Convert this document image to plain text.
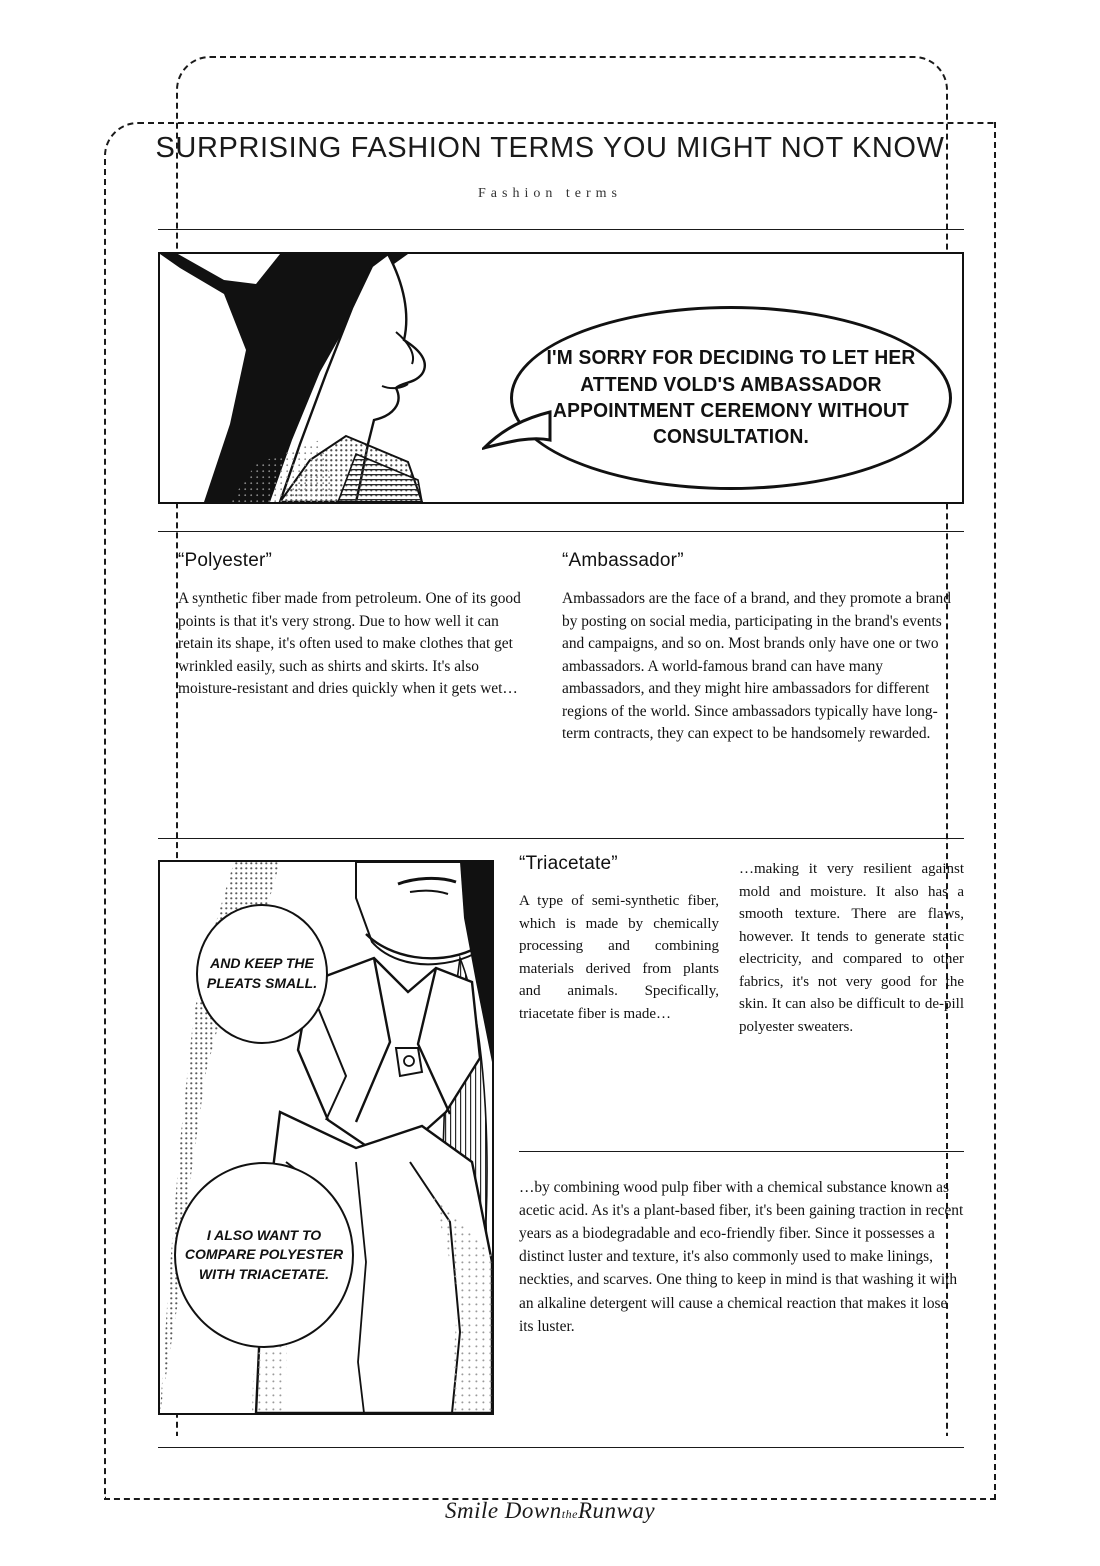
SURPRISING FASHION TERMS YOU MIGHT NOT KNOW
Fashion terms
I'M SORRY FOR DECIDING TO LET HER ATTEND VOLD'S AMBASSADOR APPOINTMENT CEREMONY WITHOUT CONSULTATION.
“Polyester”
A synthetic fiber made from petroleum. One of its good points is that it's very strong. Due to how well it can retain its shape, it's often used to make clothes that get wrinkled easily, such as shirts and skirts. It's also moisture-resistant and dries quickly when it gets wet…
“Ambassador”
Ambassadors are the face of a brand, and they promote a brand by posting on social media, participating in the brand's events and campaigns, and so on. Most brands only have one or two ambassadors. A world-famous brand can have many ambassadors, and they might hire ambassadors for different regions of the world. Since ambassadors typically have long-term contracts, they can expect to be handsomely rewarded.
AND KEEP THE PLEATS SMALL.
I ALSO WANT TO COMPARE POLYESTER WITH TRIACETATE.
“Triacetate”
A type of semi-synthetic fiber, which is made by chemically processing and combining materials derived from plants and animals. Specifically, triacetate fiber is made…
…making it very resilient against mold and moisture. It also has a smooth texture. There are flaws, however. It tends to generate static electricity, and compared to other fabrics, it's not very good for the skin. It can also be difficult to de-pill polyester sweaters.
…by combining wood pulp fiber with a chemical substance known as acetic acid. As it's a plant-based fiber, it's been gaining traction in recent years as a biodegradable and eco-friendly fiber. Since it possesses a distinct luster and texture, it's also commonly used to make linings, neckties, and scarves. One thing to keep in mind is that washing it with an alkaline detergent will cause a chemical reaction that makes it lose its luster.
Smile DowntheRunway
